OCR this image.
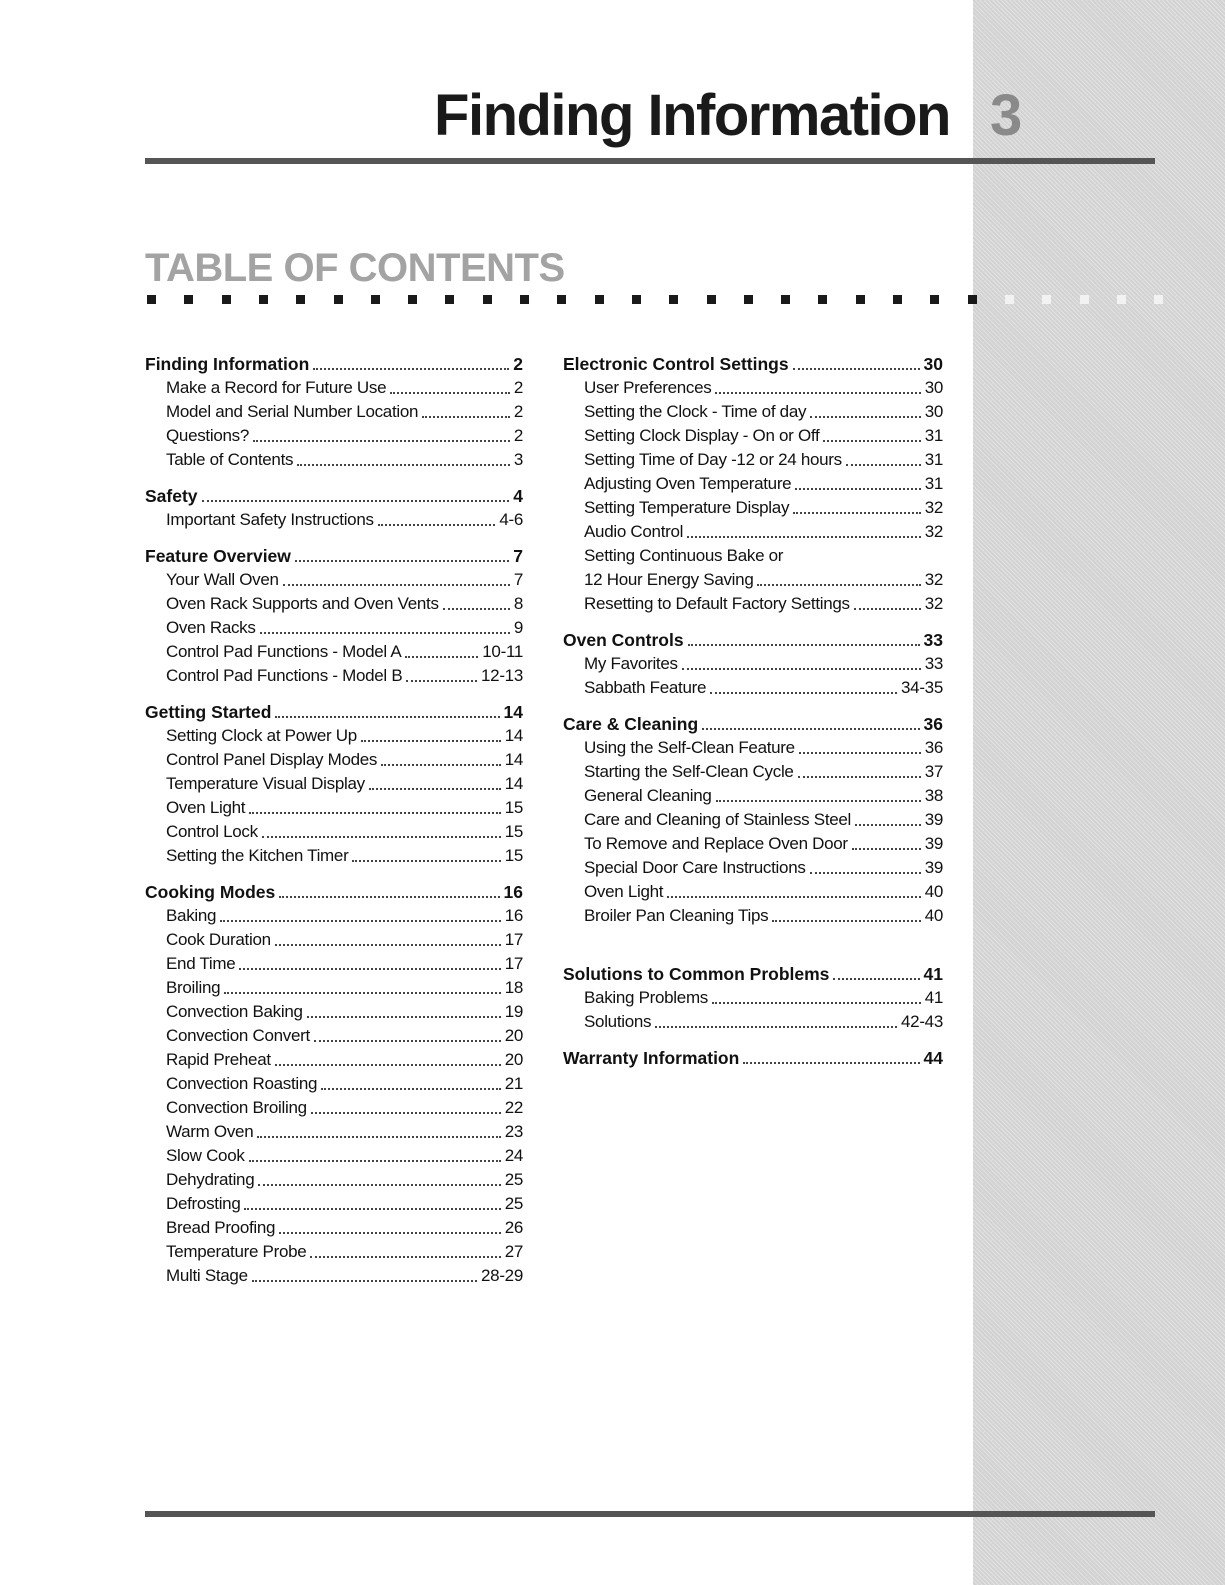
Finding Information 3
TABLE OF CONTENTS
Finding Information	2
Make a Record for Future Use	2
Model and Serial Number Location	2
Questions?	2
Table of Contents	3
Safety	4
Important Safety Instructions	4-6
Feature Overview	7
Your Wall Oven	7
Oven Rack Supports and Oven Vents	8
Oven Racks	9
Control Pad Functions - Model A	10-11
Control Pad Functions - Model B	12-13
Getting Started	14
Setting Clock at Power Up	14
Control Panel Display Modes	14
Temperature Visual Display	14
Oven Light	15
Control Lock	15
Setting the Kitchen Timer	15
Cooking Modes	16
Baking	16
Cook Duration	17
End Time	17
Broiling	18
Convection Baking	19
Convection Convert	20
Rapid Preheat	20
Convection Roasting	21
Convection Broiling	22
Warm Oven	23
Slow Cook	24
Dehydrating	25
Defrosting	25
Bread Proofing	26
Temperature Probe	27
Multi Stage	28-29
Electronic Control Settings	30
User Preferences	30
Setting the Clock - Time of day	30
Setting Clock Display - On or Off	31
Setting Time of Day -12 or 24 hours	31
Adjusting Oven Temperature	31
Setting Temperature Display	32
Audio Control	32
Setting Continuous Bake or
12 Hour Energy Saving	32
Resetting to Default Factory Settings	32
Oven Controls	33
My Favorites	33
Sabbath Feature	34-35
Care & Cleaning	36
Using the Self-Clean Feature	36
Starting the Self-Clean Cycle	37
General Cleaning	38
Care and Cleaning of Stainless Steel	39
To Remove and Replace Oven Door	39
Special Door Care Instructions	39
Oven Light	40
Broiler Pan Cleaning Tips	40
Solutions to Common Problems	41
Baking Problems	41
Solutions	42-43
Warranty Information	44
